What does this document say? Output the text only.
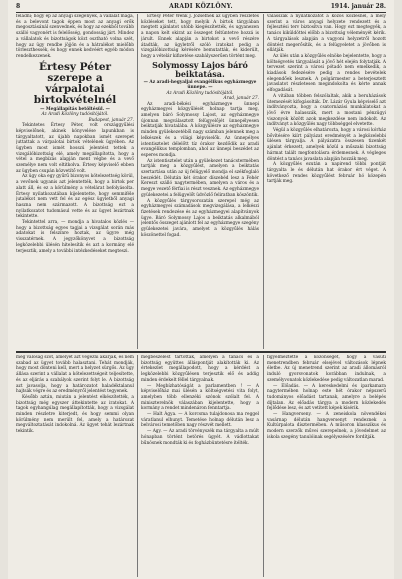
8	ARADI KÖZLÖNY.	1914. január 28.

feladni; hogy ép az anyagi szegények, a vállalat maga, és a belevont tagok éppen most az anyagi erők megosztásánál szenvednek, és hogy az ezekből tovább szálló vagyonért is felelősség, gondosság járt. Mindez a vállalatok és bizottságok közt osztható volna szét, hogy az ügy rendbe jöjjön és a hátralékot mielőbb törleszthessék, és hogy ennek kedvéért egyéb módon rendelkezzenek.

Értesy Péter szerepe a várpalotai birtokvételnél

— Megállapítás betöltésül. —

Az Aradi Közlöny tudósítójától.

Budapest, január 27.

Tekintetes Értesy Péter, volt országgyűlési képviselőnek, akinek könyvelése lapunkban is tárgyaltatott, az újabb napokban ismét szerepet juttattak a várpalotai birtok vételének ügyében. Az ügyben most ismét hosszú jelentést tettek a vizsgálóbizottság elé, amely megállapította, hogy a vétel a megbízás alapján ment végbe és a vevő személye nem volt eltitkolva. Értesy képviselő ebben az ügyben csupán közvetítő volt.

Az ügy oka egy gyűrű bizonyos kötelezettség körül, a vevőnek ugyanis azt jelentették, hogy a birtok per alatt áll, és ez a körülmény a vételárat befolyásolta. Értesy nyilatkozatában kijelentette, hogy semmiféle jutalékot nem vett fel és az egész ügyletből anyagi haszna nem származott. A bizottság ezt a nyilatkozatot tudomásul vette és az ügyet lezártnak tekintette.

Tekintettel arra, — mondja a hivatalos közlés — hogy a bizottság egyes tagjai a vizsgálat során más adatokat is felszínre hoztak, az ügyre még visszatérnek. A jegyzőkönyvet a bizottság legközelebbi ülésén hitelesítik és azt a kormány elé terjesztik, amely a további intézkedéseket megteszi.

Értesy Péter Wenk J. Józsefnek az ügyben részletes közléseket tett, hogy melyik A birtok tárgyában megtett ajánlatot utóbb kiegészítették, és ugyanezen a napon kelt okirat az összeget feltüntetve hozzá is járult. Ennek alapján a birtokot a vevő részére átadták, az ügyletről szóló iratokat pedig a vizsgálóbizottság kérésére bemutatták, és kiderült, hogy a vételár kifizetése szabályszerűen történt meg.

Solymossy Lajos báró beiktatása.

— Az aradi-hegyaljai evangélikus egyházmegye ünnepe. —

Az Aradi Közlöny tudósítójától.

Arad, január 27.

Az aradi-békési egyházmegye ünnepi egyházmegyei közgyűlését holnap tartja meg, amelyen báró Solymossy Lajost, az egyházmegye újonnan megválasztott felügyelőjét ünnepélyesen beiktatják hivatalába. A közgyűlésre az egyházmegye minden gyülekezetéből nagy számban jelennek meg a lelkészek és a világi képviselők. Az ünnepélyes istentisztelet délelőtt tíz órakor kezdődik az aradi evangélikus templomban, ahol az ünnepi beszédet az esperes mondja.

Az istentisztelet után a gyülekezet tanácstermében tartják meg a közgyűlést, amelyen a beiktatás szertartása után az új felügyelő mondja el székfoglaló beszédét. Délután két órakor díszebéd lesz a Fehér Kereszt szálló nagytermében, amelyen a város és a megye vezető férfiai is részt vesznek. Az egyházmegye gyülekezetei a felügyelőt üdvözlő feliratban köszöntik.

A közgyűlés tárgysorozatán szerepel még az egyházmegyei számadások megvizsgálása, a lelkészi fizetések rendezése és az egyházmegyei alapítványok ügye. Báró Solymossy Lajos a beiktatás alkalmából jelentős összeget ajánlott fel az egyházmegye szegény gyülekezetei javára, amelyet a közgyűlés hálás köszönettel fogad.

válasszák a nyilatkozatot a közös közlésnél, a mely szerint a város anyagi helyzete rendezett és a fejlesztési terv biztosítva van. Hogy ezt megtegyék, a tanács kiküldöttei előbb a bizottság véleményét kérik. A tárgyalások alapján a vagyoni helyzetről hozott döntést megerősítik, és a felügyeletet a jövőben is ellátják.

Az ülés után a közgyűlés elnöke bejelentette, hogy a költségvetés tárgyalását a jövő hét elején folytatják. A tervezet szerint a városi pótadó nem emelkedik, a kiadások fedezésére pedig a rendes bevételek elegendőek lesznek. A polgármester a beterjesztett javaslatot részletesen megindokolta és kérte annak elfogadását.

A vitában többen felszólaltak, akik a beruházások ütemezését kifogásolták. Dr. Lázár Gyula képviselő azt indítványozta, hogy a csatornázási munkálatokat a jövő évre halasszák, mert a mostani pénzügyi viszonyok között azok megkezdése nem indokolt. Az indítványt a közgyűlés nagy többséggel elvetette.

Végül a közgyűlés elhatározta, hogy a városi kórház bővítésére kiírt pályázat eredményét a legközelebbi ülésen tárgyalja. A pályázatra összesen tizenkét ajánlat érkezett, amelyek közül a műszaki bizottság hármat talált megfontolásra érdemesnek. A végleges döntést a tanács javaslata alapján hozzák meg.

A közgyűlés ezután a napirend többi pontját tárgyalta le és délután hat órakor ért véget. A következő rendes közgyűlést február hó közepén tartják meg.

meg valóság szót, amelyet azt végezni akarják, és nem szabad az ügyet tovább halasztani. Tehát mondják, hogy most dönteni kell, mert a helyzet sürgős. Az ügy állása szerint a vállalat a kötelezettségeit teljesítette, és az eljárás a szabályok szerint folyt le. A bizottság azt javasolja, hogy a határozatot haladéktalanul hajtsák végre és az eredményről jelentést tegyenek.

Később aztán, miután a jelentést elkészítették, a bizottság még egyszer áttekintette az iratokat. A tagok egyhangúlag megállapították, hogy a vizsgálat minden részletre kiterjedt, és hogy semmi olyan körülmény nem merült fel, amely a határozat megváltoztatását indokolná. Az ügyet tehát lezártnak tekintik.

megbeszélést tartottak, amelyen a tanács és a bizottság együttes álláspontját alakították ki. Az értekezlet megállapodott, hogy a kérdést a legközelebbi közgyűlésen terjesztik elő és addig minden érdekelt féllel tárgyalnak.

— Megbízhatóságát a parlamentben ! — A képviselőház mai ülésén a költségvetési vita folyt, amelyben több ellenzéki szónok szólalt fel. A miniszterelnök válaszában kijelentette, hogy a kormány a rendet mindenáron fenntartja.

— Halt Ágya. — A korcsma tulajdonosa ma reggel váratlanul elhunyt. Temetése holnap délután lesz a belvárosi temetőben nagy részvét mellett.

— Agy. — Az aradi törvényszék ma tárgyalta a múlt hónapban történt betörés ügyét. A vádlottakat bűnösnek mondták ki és fogházbüntetésre ítélték.

figyelmeztette a közönséget, hogy a vasúti menetrendben február elsejével változások lépnek életbe. Az új menetrend szerint az aradi állomásról induló gyorsvonatok korábban indulnak, a személyvonatok közlekedése pedig változatlan marad.

— Előadás. — A kereskedelmi és iparkamara nagytermében holnap este hét órakor népszerű tudományos előadást tartanak, amelyre a belépés díjtalan. Az előadás tárgya a modern közlekedés fejlődése lesz, és azt vetített képek kísérik.

— Hangverseny. — A zeneiskola növendékei vasárnap délután hangversenyt rendeznek a Kultúrpalota dísztermében. A műsoron klasszikus és modern szerzők művei szerepelnek, a jövedelmet az iskola szegény tanulóinak segélyezésére fordítják.
